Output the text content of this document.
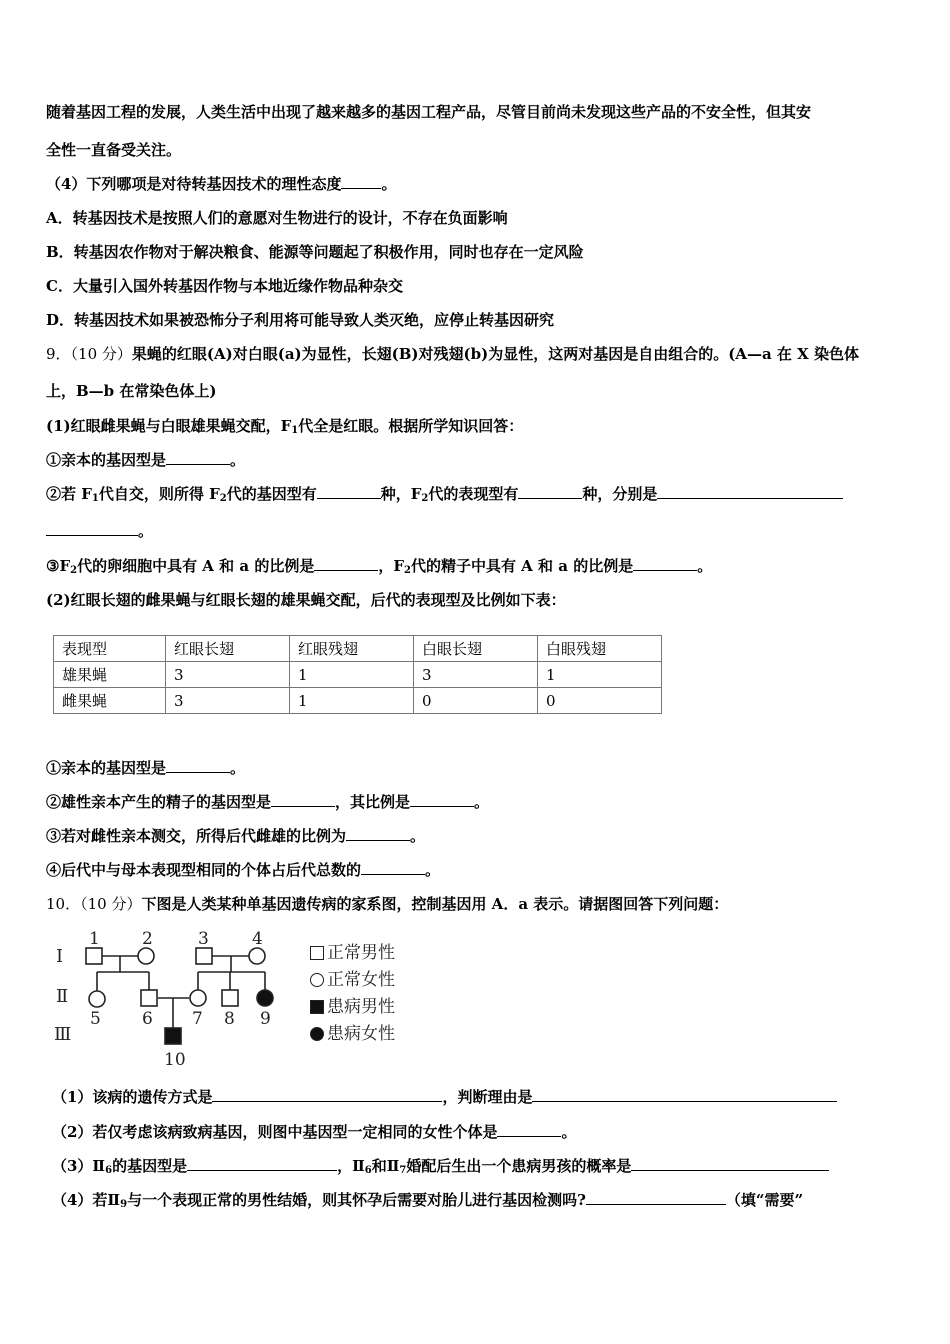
随着基因工程的发展，人类生活中出现了越来越多的基因工程产品，尽管目前尚未发现这些产品的不安全性，但其安
全性一直备受关注。
（4）下列哪项是对待转基因技术的理性态度	。
A．转基因技术是按照人们的意愿对生物进行的设计，不存在负面影响
B．转基因农作物对于解决粮食、能源等问题起了积极作用，同时也存在一定风险
C．大量引入国外转基因作物与本地近缘作物品种杂交
D．转基因技术如果被恐怖分子利用将可能导致人类灭绝，应停止转基因研究
9．（10 分）果蝇的红眼(A)对白眼(a)为显性，长翅(B)对残翅(b)为显性，这两对基因是自由组合的。(A—a 在 X 染色体
上，B—b 在常染色体上)
(1)红眼雌果蝇与白眼雄果蝇交配，$F_1$代全是红眼。根据所学知识回答：
①亲本的基因型是	。
②若 $F_1$代自交，则所得 $F_2$代的基因型有	种，$F_2$代的表现型有	种，分别是
。
$③F_2$代的卵细胞中具有 A 和 a 的比例是	，$F_2$代的精子中具有 A 和 a 的比例是	。
(2)红眼长翅的雌果蝇与红眼长翅的雄果蝇交配，后代的表现型及比例如下表：
表现型	红眼长翅	红眼残翅	白眼长翅	白眼残翅
雄果蝇	3	1	3	1
雌果蝇	3	1	0	0
①亲本的基因型是	。
②雄性亲本产生的精子的基因型是	，其比例是	。
③若对雌性亲本测交，所得后代雌雄的比例为	。
④后代中与母本表现型相同的个体占后代总数的	。
10．（10 分）下图是人类某种单基因遗传病的家系图，控制基因用 A．a 表示。请据图回答下列问题：
Ⅰ
Ⅱ
Ⅲ
1 2	3	4
5 6 7 8 9
10
正常男性
正常女性
患病男性
患病女性
（1）该病的遗传方式是	，判断理由是
（2）若仅考虑该病致病基因，则图中基因型一定相同的女性个体是	。
$(3)Ⅱ_6$的基因型是	，$Ⅱ_6$和$Ⅱ_7$婚配后生出一个患病男孩的概率是
（4）若$Ⅱ_9$与一个表现正常的男性结婚，则其怀孕后需要对胎儿进行基因检测吗?	（填“需要”
